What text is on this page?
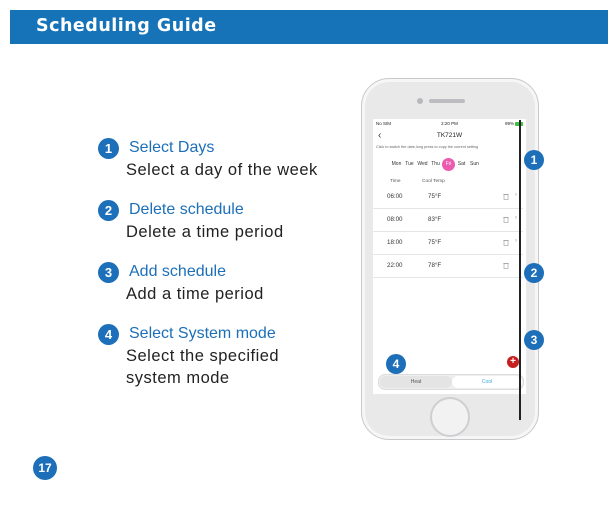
Scheduling Guide
1	Select Days
Select a day of the week
2	Delete schedule
Delete a time period
3	Add schedule
Add a time period
4	Select System mode
Select the specified system mode
17
No SIM	2:20 PM	99%
‹	TK721W
Click to switch the date,long press to copy the current setting
Mon Tue Wed Thu Fri Sat Sun
Time	Cool Temp
06:00	75°F	›
08:00	83°F	›
18:00	75°F	›
22:00	78°F
+
Heat	Cool
1
2
3
4
